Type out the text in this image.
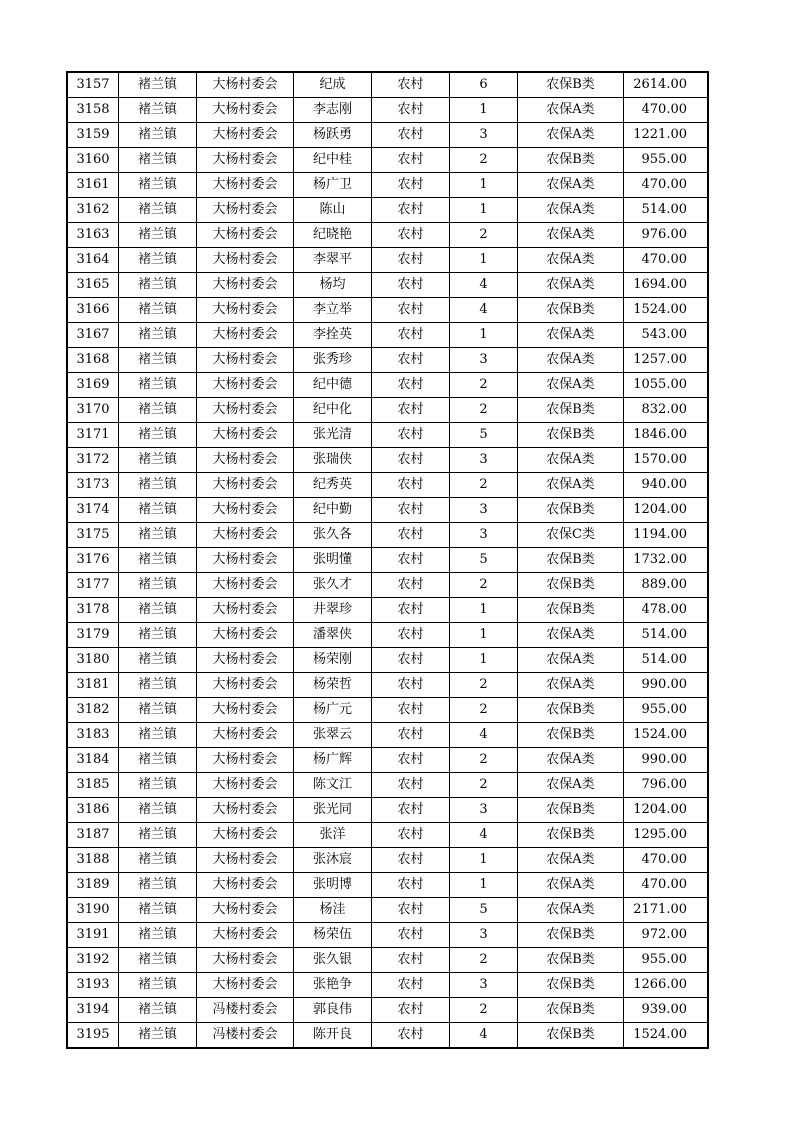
3157	褚兰镇	大杨村委会	纪成	农村	6	农保B类	2614.00
3158	褚兰镇	大杨村委会	李志刚	农村	1	农保A类	470.00
3159	褚兰镇	大杨村委会	杨跃勇	农村	3	农保A类	1221.00
3160	褚兰镇	大杨村委会	纪中桂	农村	2	农保B类	955.00
3161	褚兰镇	大杨村委会	杨广卫	农村	1	农保A类	470.00
3162	褚兰镇	大杨村委会	陈山	农村	1	农保A类	514.00
3163	褚兰镇	大杨村委会	纪晓艳	农村	2	农保A类	976.00
3164	褚兰镇	大杨村委会	李翠平	农村	1	农保A类	470.00
3165	褚兰镇	大杨村委会	杨均	农村	4	农保A类	1694.00
3166	褚兰镇	大杨村委会	李立举	农村	4	农保B类	1524.00
3167	褚兰镇	大杨村委会	李拴英	农村	1	农保A类	543.00
3168	褚兰镇	大杨村委会	张秀珍	农村	3	农保A类	1257.00
3169	褚兰镇	大杨村委会	纪中德	农村	2	农保A类	1055.00
3170	褚兰镇	大杨村委会	纪中化	农村	2	农保B类	832.00
3171	褚兰镇	大杨村委会	张光清	农村	5	农保B类	1846.00
3172	褚兰镇	大杨村委会	张瑞侠	农村	3	农保A类	1570.00
3173	褚兰镇	大杨村委会	纪秀英	农村	2	农保A类	940.00
3174	褚兰镇	大杨村委会	纪中勤	农村	3	农保B类	1204.00
3175	褚兰镇	大杨村委会	张久各	农村	3	农保C类	1194.00
3176	褚兰镇	大杨村委会	张明懂	农村	5	农保B类	1732.00
3177	褚兰镇	大杨村委会	张久才	农村	2	农保B类	889.00
3178	褚兰镇	大杨村委会	井翠珍	农村	1	农保B类	478.00
3179	褚兰镇	大杨村委会	潘翠侠	农村	1	农保A类	514.00
3180	褚兰镇	大杨村委会	杨荣刚	农村	1	农保A类	514.00
3181	褚兰镇	大杨村委会	杨荣哲	农村	2	农保A类	990.00
3182	褚兰镇	大杨村委会	杨广元	农村	2	农保B类	955.00
3183	褚兰镇	大杨村委会	张翠云	农村	4	农保B类	1524.00
3184	褚兰镇	大杨村委会	杨广辉	农村	2	农保A类	990.00
3185	褚兰镇	大杨村委会	陈文江	农村	2	农保A类	796.00
3186	褚兰镇	大杨村委会	张光同	农村	3	农保B类	1204.00
3187	褚兰镇	大杨村委会	张洋	农村	4	农保B类	1295.00
3188	褚兰镇	大杨村委会	张沐宸	农村	1	农保A类	470.00
3189	褚兰镇	大杨村委会	张明博	农村	1	农保A类	470.00
3190	褚兰镇	大杨村委会	杨洼	农村	5	农保A类	2171.00
3191	褚兰镇	大杨村委会	杨荣伍	农村	3	农保B类	972.00
3192	褚兰镇	大杨村委会	张久银	农村	2	农保B类	955.00
3193	褚兰镇	大杨村委会	张艳争	农村	3	农保B类	1266.00
3194	褚兰镇	冯楼村委会	郭良伟	农村	2	农保B类	939.00
3195	褚兰镇	冯楼村委会	陈开良	农村	4	农保B类	1524.00
